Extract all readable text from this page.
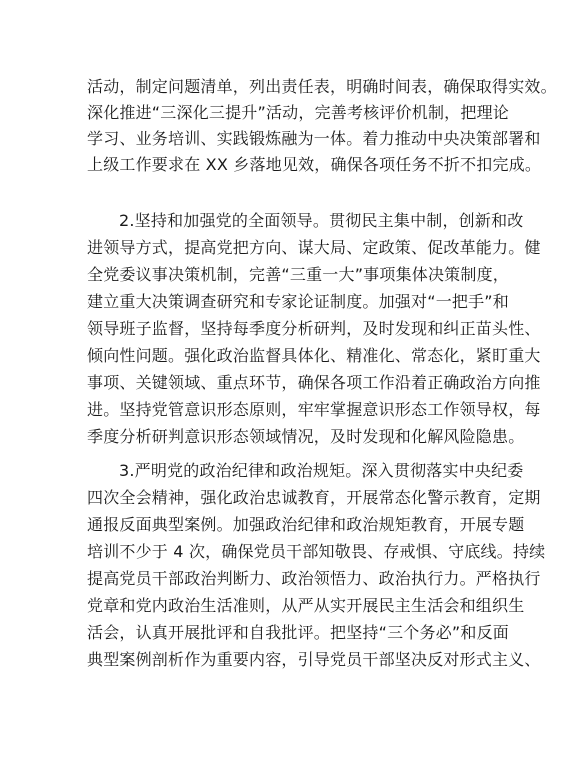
活动，制定问题清单，列出责任表，明确时间表，确保取得实效。
深化推进“三深化三提升”活动，完善考核评价机制，把理论
学习、业务培训、实践锻炼融为一体。着力推动中央决策部署和
上级工作要求在 XX 乡落地见效，确保各项任务不折不扣完成。
2.坚持和加强党的全面领导。贯彻民主集中制，创新和改
进领导方式，提高党把方向、谋大局、定政策、促改革能力。健
全党委议事决策机制，完善“三重一大”事项集体决策制度，
建立重大决策调查研究和专家论证制度。加强对“一把手”和
领导班子监督，坚持每季度分析研判，及时发现和纠正苗头性、
倾向性问题。强化政治监督具体化、精准化、常态化，紧盯重大
事项、关键领域、重点环节，确保各项工作沿着正确政治方向推
进。坚持党管意识形态原则，牢牢掌握意识形态工作领导权，每
季度分析研判意识形态领域情况，及时发现和化解风险隐患。
3.严明党的政治纪律和政治规矩。深入贯彻落实中央纪委
四次全会精神，强化政治忠诚教育，开展常态化警示教育，定期
通报反面典型案例。加强政治纪律和政治规矩教育，开展专题
培训不少于 4 次，确保党员干部知敬畏、存戒惧、守底线。持续
提高党员干部政治判断力、政治领悟力、政治执行力。严格执行
党章和党内政治生活准则，从严从实开展民主生活会和组织生
活会，认真开展批评和自我批评。把坚持“三个务必”和反面
典型案例剖析作为重要内容，引导党员干部坚决反对形式主义、
